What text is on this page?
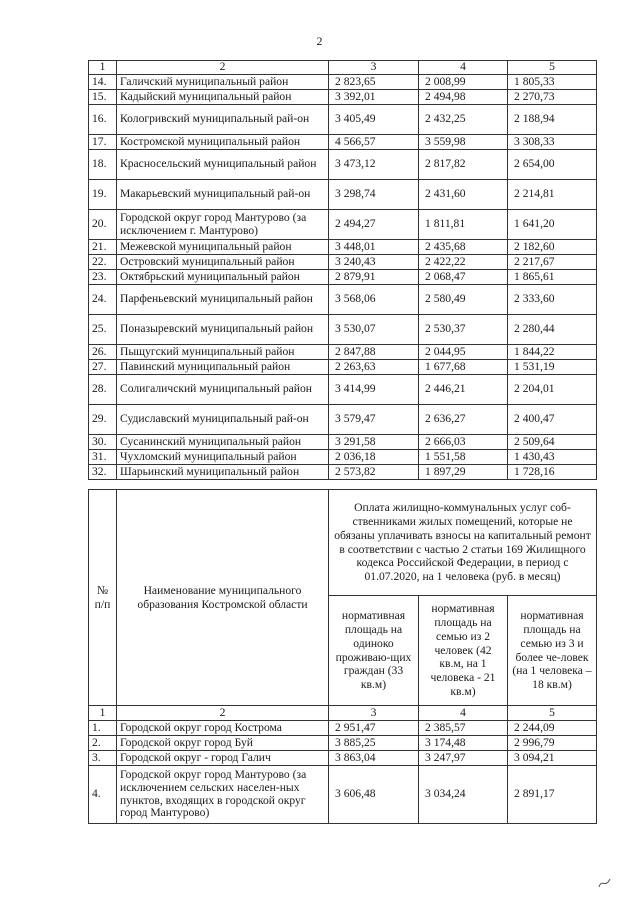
2
1	2	3	4	5
14.	Галичский муниципальный район	2 823,65	2 008,99	1 805,33
15.	Кадыйский муниципальный район	3 392,01	2 494,98	2 270,73
16.	Кологривский муниципальный рай-он	3 405,49	2 432,25	2 188,94
17.	Костромской муниципальный район	4 566,57	3 559,98	3 308,33
18.	Красносельский муниципальный район	3 473,12	2 817,82	2 654,00
19.	Макарьевский муниципальный рай-он	3 298,74	2 431,60	2 214,81
20.	Городской округ город Мантурово (за исключением г. Мантурово)	2 494,27	1 811,81	1 641,20
21.	Межевской муниципальный район	3 448,01	2 435,68	2 182,60
22.	Островский муниципальный район	3 240,43	2 422,22	2 217,67
23.	Октябрьский муниципальный район	2 879,91	2 068,47	1 865,61
24.	Парфеньевский муниципальный район	3 568,06	2 580,49	2 333,60
25.	Поназыревский муниципальный район	3 530,07	2 530,37	2 280,44
26.	Пыщугский муниципальный район	2 847,88	2 044,95	1 844,22
27.	Павинский муниципальный район	2 263,63	1 677,68	1 531,19
28.	Солигаличский муниципальный район	3 414,99	2 446,21	2 204,01
29.	Судиславский муниципальный рай-он	3 579,47	2 636,27	2 400,47
30.	Сусанинский муниципальный район	3 291,58	2 666,03	2 509,64
31.	Чухломский муниципальный район	2 036,18	1 551,58	1 430,43
32.	Шарьинский муниципальный район	2 573,82	1 897,29	1 728,16
№ п/п	Наименование муниципального образования Костромской области	Оплата жилищно-коммунальных услуг соб-ственниками жилых помещений, которые не обязаны уплачивать взносы на капитальный ремонт в соответствии с частью 2 статьи 169 Жилищного кодекса Российской Федерации, в период с 01.07.2020, на 1 человека (руб. в месяц)		
		нормативная площадь на одиноко проживаю-щих граждан (33 кв.м)	нормативная площадь на семью из 2 человек (42 кв.м, на 1 человека - 21 кв.м)	нормативная площадь на семью из 3 и более че-ловек (на 1 человека – 18 кв.м)
1	2	3	4	5
1.	Городской округ город Кострома	2 951,47	2 385,57	2 244,09
2.	Городской округ город Буй	3 885,25	3 174,48	2 996,79
3.	Городской округ - город Галич	3 863,04	3 247,97	3 094,21
4.	Городской округ город Мантурово (за исключением сельских населен-ных пунктов, входящих в городской округ город Мантурово)	3 606,48	3 034,24	2 891,17
